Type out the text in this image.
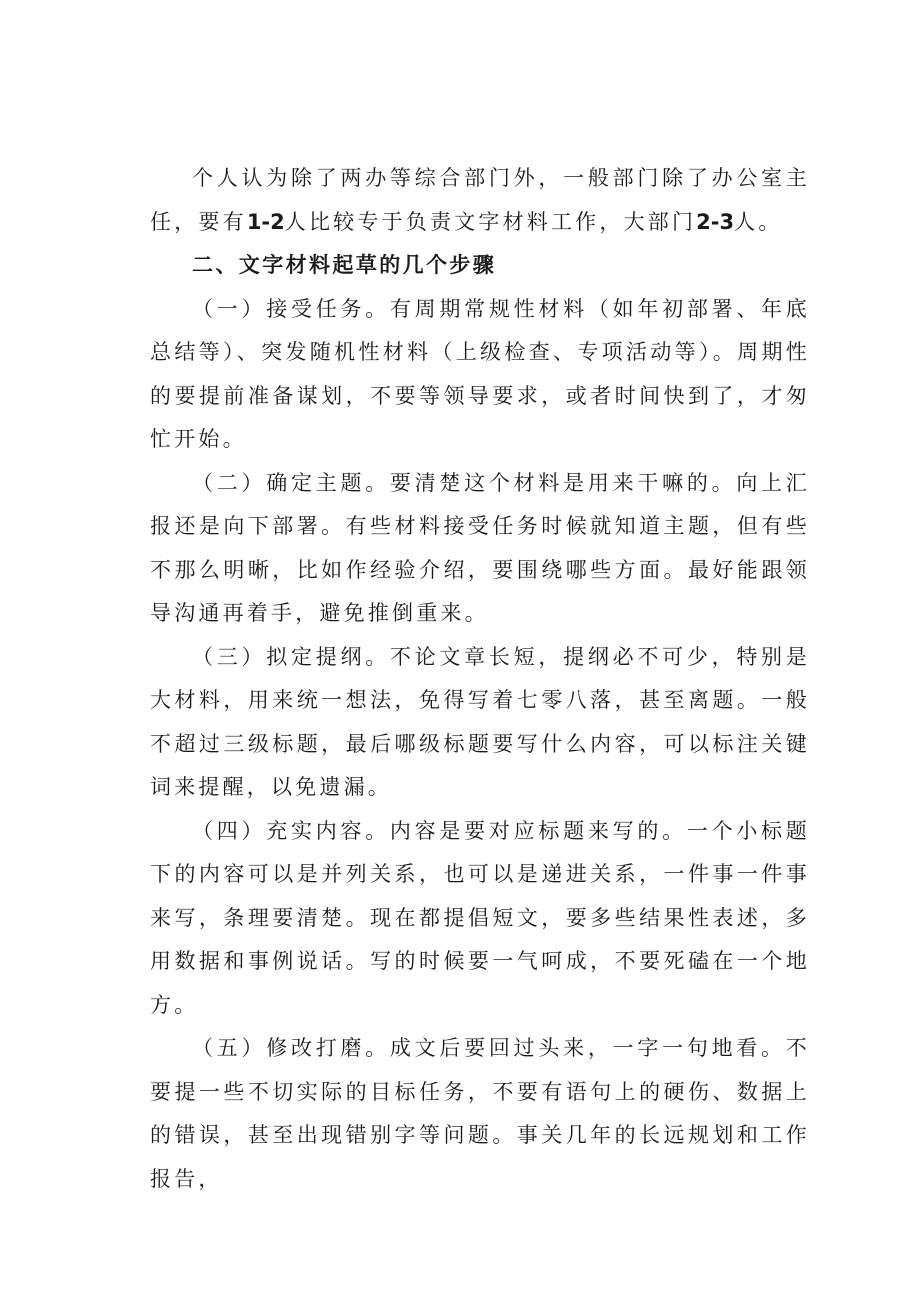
个人认为除了两办等综合部门外，一般部门除了办公室主任，要有1-2人比较专于负责文字材料工作，大部门2-3人。

二、文字材料起草的几个步骤

（一）接受任务。有周期常规性材料（如年初部署、年底总结等）、突发随机性材料（上级检查、专项活动等）。周期性的要提前准备谋划，不要等领导要求，或者时间快到了，才匆忙开始。

（二）确定主题。要清楚这个材料是用来干嘛的。向上汇报还是向下部署。有些材料接受任务时候就知道主题，但有些不那么明晰，比如作经验介绍，要围绕哪些方面。最好能跟领导沟通再着手，避免推倒重来。

（三）拟定提纲。不论文章长短，提纲必不可少，特别是大材料，用来统一想法，免得写着七零八落，甚至离题。一般不超过三级标题，最后哪级标题要写什么内容，可以标注关键词来提醒，以免遗漏。

（四）充实内容。内容是要对应标题来写的。一个小标题下的内容可以是并列关系，也可以是递进关系，一件事一件事来写，条理要清楚。现在都提倡短文，要多些结果性表述，多用数据和事例说话。写的时候要一气呵成，不要死磕在一个地方。

（五）修改打磨。成文后要回过头来，一字一句地看。不要提一些不切实际的目标任务，不要有语句上的硬伤、数据上的错误，甚至出现错别字等问题。事关几年的长远规划和工作报告，
